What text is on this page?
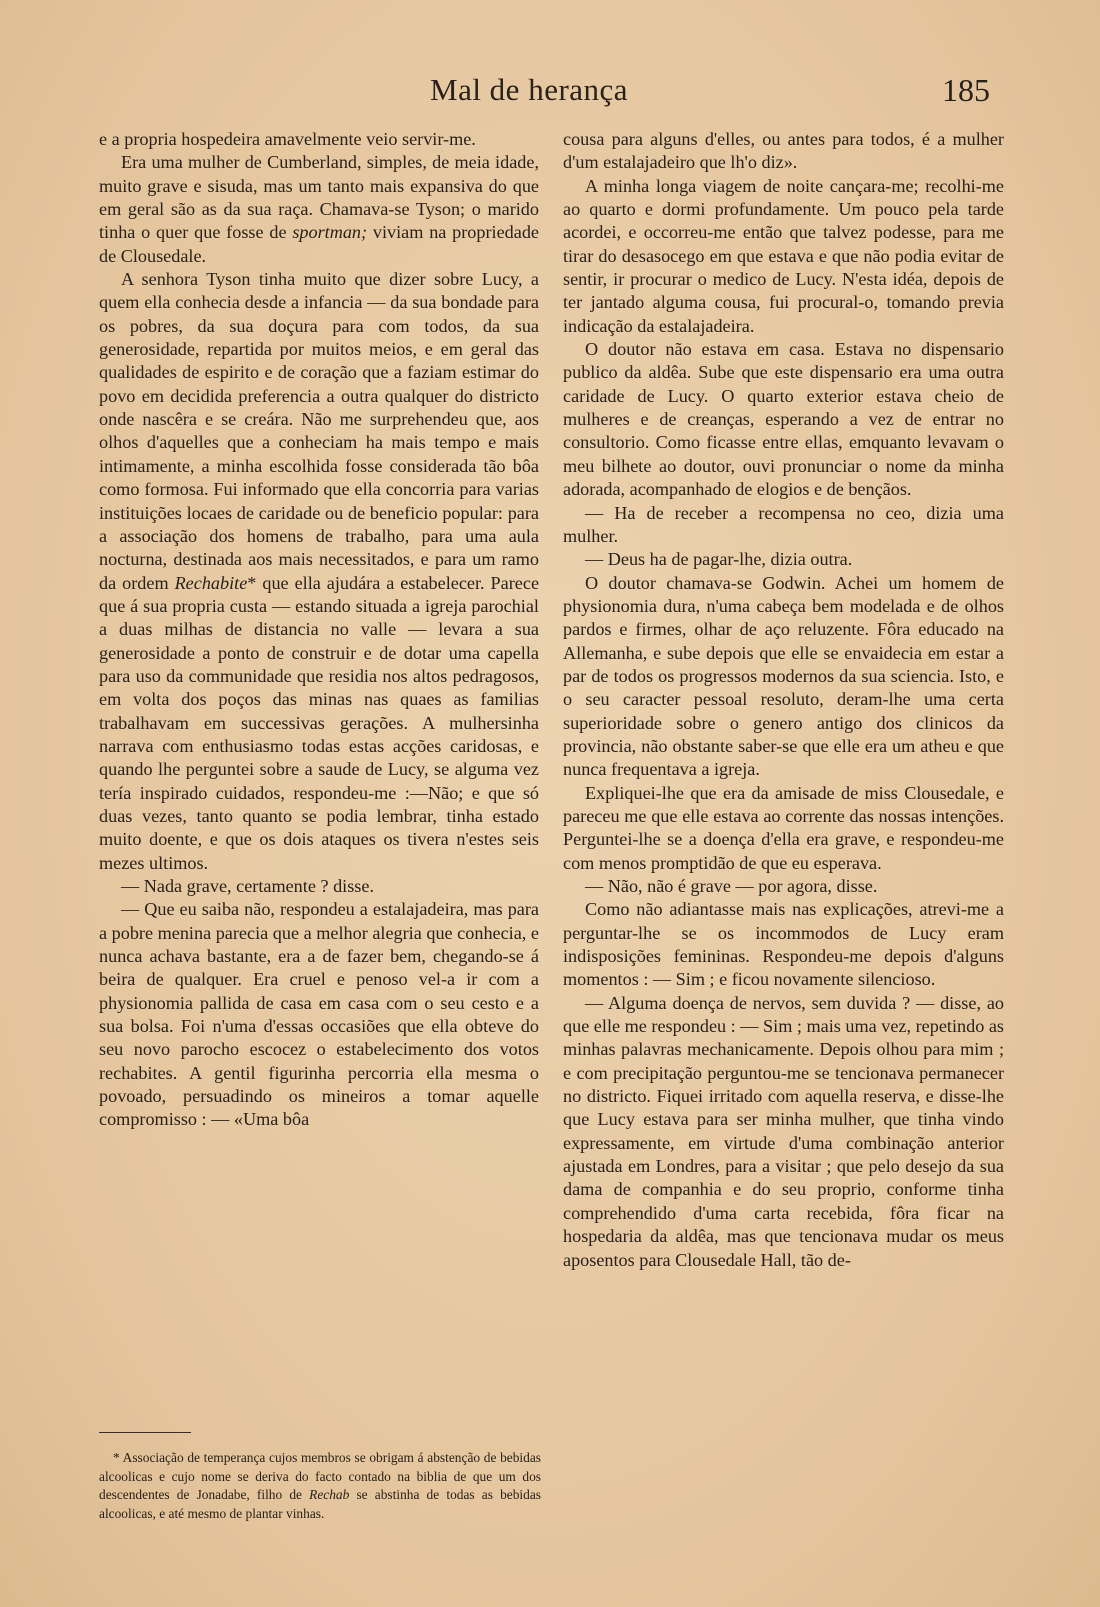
Mal de herança	185

e a propria hospedeira amavelmente veio servir-me.

Era uma mulher de Cumberland, simples, de meia idade, muito grave e sisuda, mas um tanto mais expansiva do que em geral são as da sua raça. Chamava-se Tyson; o marido tinha o quer que fosse de sportman; viviam na propriedade de Clousedale.

A senhora Tyson tinha muito que dizer sobre Lucy, a quem ella conhecia desde a infancia — da sua bondade para os pobres, da sua doçura para com todos, da sua generosidade, repartida por muitos meios, e em geral das qualidades de espirito e de coração que a faziam estimar do povo em decidida preferencia a outra qualquer do districto onde nascêra e se creára. Não me surprehendeu que, aos olhos d'aquelles que a conheciam ha mais tempo e mais intimamente, a minha escolhida fosse considerada tão bôa como formosa. Fui informado que ella concorria para varias instituições locaes de caridade ou de beneficio popular: para a associação dos homens de trabalho, para uma aula nocturna, destinada aos mais necessitados, e para um ramo da ordem Rechabite* que ella ajudára a estabelecer. Parece que á sua propria custa — estando situada a igreja parochial a duas milhas de distancia no valle — levara a sua generosidade a ponto de construir e de dotar uma capella para uso da communidade que residia nos altos pedragosos, em volta dos poços das minas nas quaes as familias trabalhavam em successivas gerações. A mulhersinha narrava com enthusiasmo todas estas acções caridosas, e quando lhe perguntei sobre a saude de Lucy, se alguma vez tería inspirado cuidados, respondeu-me :—Não; e que só duas vezes, tanto quanto se podia lembrar, tinha estado muito doente, e que os dois ataques os tivera n'estes seis mezes ultimos.

— Nada grave, certamente ? disse.

— Que eu saiba não, respondeu a estalajadeira, mas para a pobre menina parecia que a melhor alegria que conhecia, e nunca achava bastante, era a de fazer bem, chegando-se á beira de qualquer. Era cruel e penoso vel-a ir com a physionomia pallida de casa em casa com o seu cesto e a sua bolsa. Foi n'uma d'essas occasiões que ella obteve do seu novo parocho escocez o estabelecimento dos votos rechabites. A gentil figurinha percorria ella mesma o povoado, persuadindo os mineiros a tomar aquelle compromisso : — «Uma bôa

cousa para alguns d'elles, ou antes para todos, é a mulher d'um estalajadeiro que lh'o diz».

A minha longa viagem de noite cançara-me; recolhi-me ao quarto e dormi profundamente. Um pouco pela tarde acordei, e occorreu-me então que talvez podesse, para me tirar do desasocego em que estava e que não podia evitar de sentir, ir procurar o medico de Lucy. N'esta idéa, depois de ter jantado alguma cousa, fui procural-o, tomando previa indicação da estalajadeira.

O doutor não estava em casa. Estava no dispensario publico da aldêa. Sube que este dispensario era uma outra caridade de Lucy. O quarto exterior estava cheio de mulheres e de creanças, esperando a vez de entrar no consultorio. Como ficasse entre ellas, emquanto levavam o meu bilhete ao doutor, ouvi pronunciar o nome da minha adorada, acompanhado de elogios e de bençãos.

— Ha de receber a recompensa no ceo, dizia uma mulher.

— Deus ha de pagar-lhe, dizia outra.

O doutor chamava-se Godwin. Achei um homem de physionomia dura, n'uma cabeça bem modelada e de olhos pardos e firmes, olhar de aço reluzente. Fôra educado na Allemanha, e sube depois que elle se envaidecia em estar a par de todos os progressos modernos da sua sciencia. Isto, e o seu caracter pessoal resoluto, deram-lhe uma certa superioridade sobre o genero antigo dos clinicos da provincia, não obstante saber-se que elle era um atheu e que nunca frequentava a igreja.

Expliquei-lhe que era da amisade de miss Clousedale, e pareceu me que elle estava ao corrente das nossas intenções. Perguntei-lhe se a doença d'ella era grave, e respondeu-me com menos promptidão de que eu esperava.

— Não, não é grave — por agora, disse.

Como não adiantasse mais nas explicações, atrevi-me a perguntar-lhe se os incommodos de Lucy eram indisposições femininas. Respondeu-me depois d'alguns momentos : — Sim ; e ficou novamente silencioso.

— Alguma doença de nervos, sem duvida ? — disse, ao que elle me respondeu : — Sim ; mais uma vez, repetindo as minhas palavras mechanicamente. Depois olhou para mim ; e com precipitação perguntou-me se tencionava permanecer no districto. Fiquei irritado com aquella reserva, e disse-lhe que Lucy estava para ser minha mulher, que tinha vindo expressamente, em virtude d'uma combinação anterior ajustada em Londres, para a visitar ; que pelo desejo da sua dama de companhia e do seu proprio, conforme tinha comprehendido d'uma carta recebida, fôra ficar na hospedaria da aldêa, mas que tencionava mudar os meus aposentos para Clousedale Hall, tão de-

* Associação de temperança cujos membros se obrigam á abstenção de bebidas alcoolicas e cujo nome se deriva do facto contado na biblia de que um dos descendentes de Jonadabe, filho de Rechab se abstinha de todas as bebidas alcoolicas, e até mesmo de plantar vinhas.
